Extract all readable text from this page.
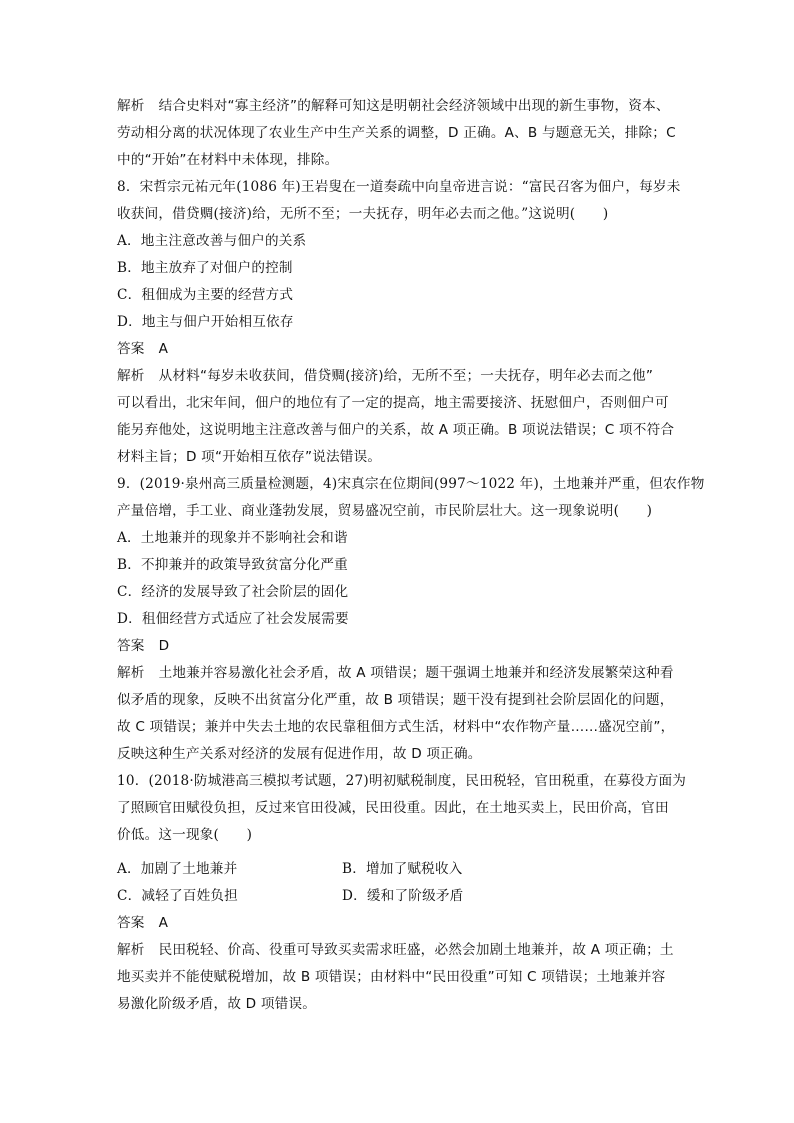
解析 结合史料对“寡主经济”的解释可知这是明朝社会经济领域中出现的新生事物，资本、
劳动相分离的状况体现了农业生产中生产关系的调整，D 正确。A、B 与题意无关，排除；C
中的“开始”在材料中未体现，排除。
8．宋哲宗元祐元年(1086 年)王岩叟在一道奏疏中向皇帝进言说：“富民召客为佃户，每岁未
收获间，借贷赒(接济)给，无所不至；一夫抚存，明年必去而之他。”这说明(　　)
A．地主注意改善与佃户的关系
B．地主放弃了对佃户的控制
C．租佃成为主要的经营方式
D．地主与佃户开始相互依存
答案 A
解析 从材料“每岁未收获间，借贷赒(接济)给，无所不至；一夫抚存，明年必去而之他”
可以看出，北宋年间，佃户的地位有了一定的提高，地主需要接济、抚慰佃户，否则佃户可
能另弃他处，这说明地主注意改善与佃户的关系，故 A 项正确。B 项说法错误；C 项不符合
材料主旨；D 项“开始相互依存”说法错误。
9．(2019·泉州高三质量检测题，4)宋真宗在位期间(997～1022 年)，土地兼并严重，但农作物
产量倍增，手工业、商业蓬勃发展，贸易盛况空前，市民阶层壮大。这一现象说明(　　)
A．土地兼并的现象并不影响社会和谐
B．不抑兼并的政策导致贫富分化严重
C．经济的发展导致了社会阶层的固化
D．租佃经营方式适应了社会发展需要
答案 D
解析 土地兼并容易激化社会矛盾，故 A 项错误；题干强调土地兼并和经济发展繁荣这种看
似矛盾的现象，反映不出贫富分化严重，故 B 项错误；题干没有提到社会阶层固化的问题，
故 C 项错误；兼并中失去土地的农民靠租佃方式生活，材料中“农作物产量……盛况空前”，
反映这种生产关系对经济的发展有促进作用，故 D 项正确。
10．(2018·防城港高三模拟考试题，27)明初赋税制度，民田税轻，官田税重，在募役方面为
了照顾官田赋役负担，反过来官田役减，民田役重。因此，在土地买卖上，民田价高，官田
价低。这一现象(　　)
A．加剧了土地兼并	B．增加了赋税收入
C．减轻了百姓负担	D．缓和了阶级矛盾
答案 A
解析 民田税轻、价高、役重可导致买卖需求旺盛，必然会加剧土地兼并，故 A 项正确；土
地买卖并不能使赋税增加，故 B 项错误；由材料中“民田役重”可知 C 项错误；土地兼并容
易激化阶级矛盾，故 D 项错误。
